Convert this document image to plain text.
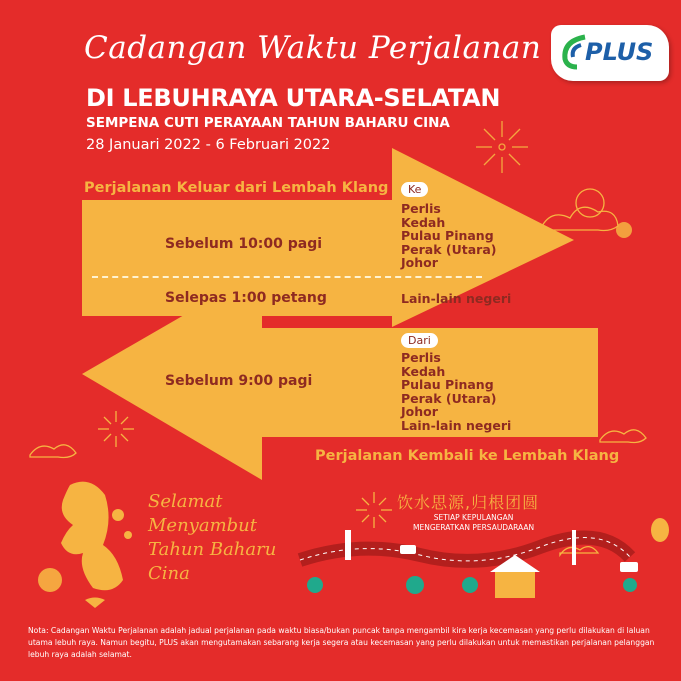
Cadangan Waktu Perjalanan
DI LEBUHRAYA UTARA-SELATAN
SEMPENA CUTI PERAYAAN TAHUN BAHARU CINA
28 Januari 2022 - 6 Februari 2022
PLUS
Perjalanan Keluar dari Lembah Klang	Ke
Sebelum 10:00 pagi
Perlis
Kedah
Pulau Pinang
Perak (Utara)
Johor
Selepas 1:00 petang	Lain-lain negeri
Dari
Sebelum 9:00 pagi
Perlis
Kedah
Pulau Pinang
Perak (Utara)
Johor
Lain-lain negeri
Perjalanan Kembali ke Lembah Klang
Selamat
Menyambut
Tahun Baharu
Cina
饮水思源,归根团圆
SETIAP KEPULANGAN
MENGERATKAN PERSAUDARAAN
Nota: Cadangan Waktu Perjalanan adalah jadual perjalanan pada waktu biasa/bukan puncak tanpa mengambil kira kerja kecemasan yang perlu dilakukan di laluan utama lebuh raya. Namun begitu, PLUS akan mengutamakan sebarang kerja segera atau kecemasan yang perlu dilakukan untuk memastikan perjalanan pelanggan lebuh raya adalah selamat.
